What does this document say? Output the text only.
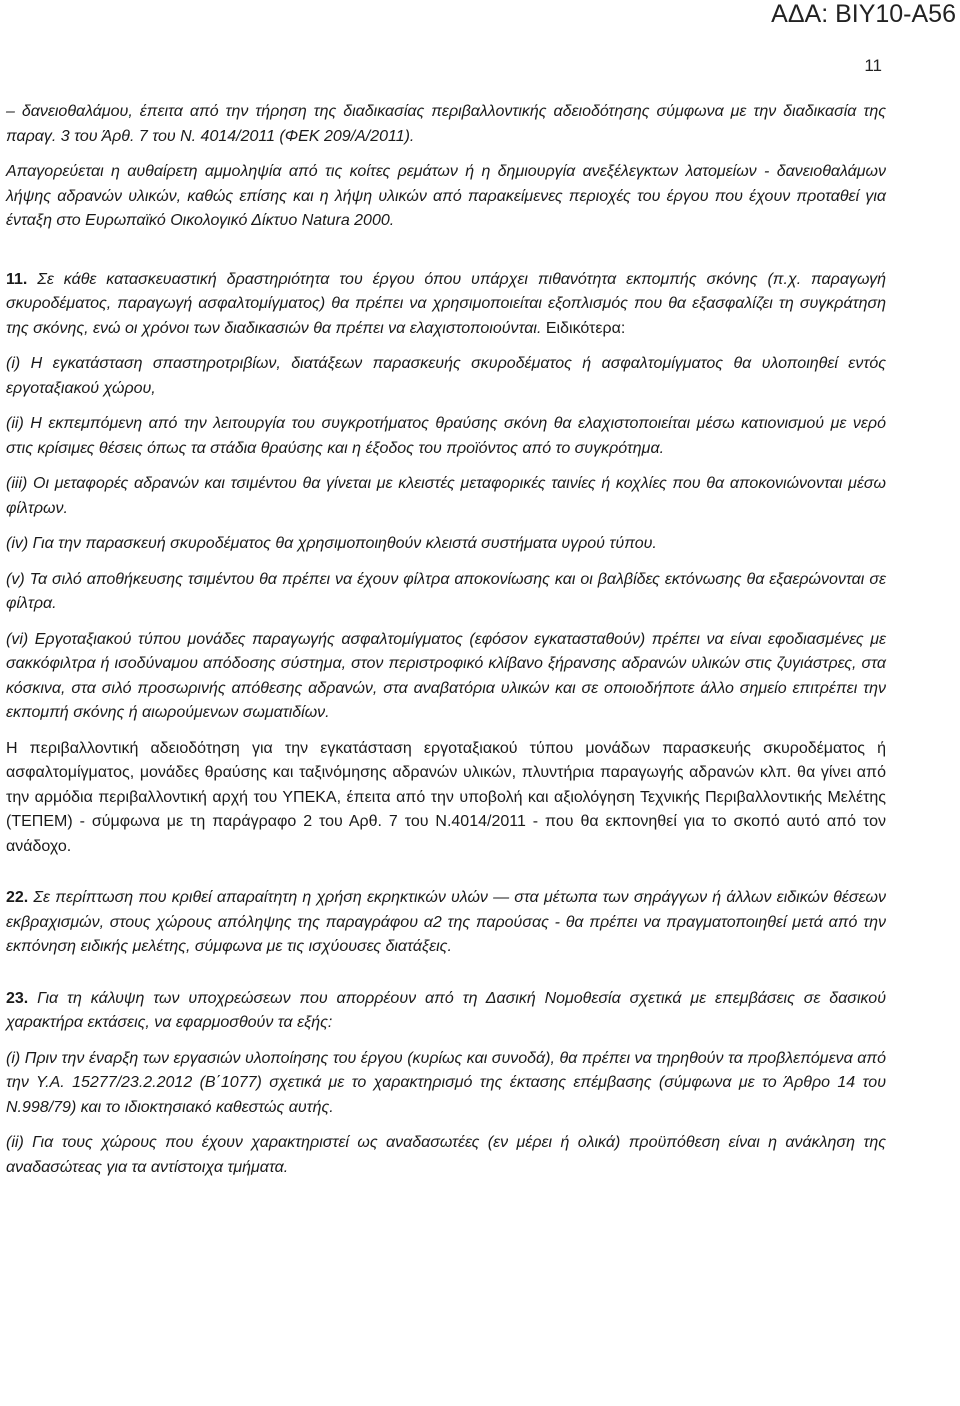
ΑΔΑ: ΒΙΥ10-Α56
11

– δανειοθαλάμου, έπειτα από την τήρηση της διαδικασίας περιβαλλοντικής αδειοδότησης σύμφωνα με την διαδικασία της παραγ. 3 του Άρθ. 7 του Ν. 4014/2011 (ΦΕΚ 209/Α/2011).

Απαγορεύεται η αυθαίρετη αμμοληψία από τις κοίτες ρεμάτων ή η δημιουργία ανεξέλεγκτων λατομείων - δανειοθαλάμων λήψης αδρανών υλικών, καθώς επίσης και η λήψη υλικών από παρακείμενες περιοχές του έργου που έχουν προταθεί για ένταξη στο Ευρωπαϊκό Οικολογικό Δίκτυο Natura 2000.

11. Σε κάθε κατασκευαστική δραστηριότητα του έργου όπου υπάρχει πιθανότητα εκπομπής σκόνης (π.χ. παραγωγή σκυροδέματος, παραγωγή ασφαλτομίγματος) θα πρέπει να χρησιμοποιείται εξοπλισμός που θα εξασφαλίζει τη συγκράτηση της σκόνης, ενώ οι χρόνοι των διαδικασιών θα πρέπει να ελαχιστοποιούνται. Ειδικότερα:

(i) Η εγκατάσταση σπαστηροτριβίων, διατάξεων παρασκευής σκυροδέματος ή ασφαλτομίγματος θα υλοποιηθεί εντός εργοταξιακού χώρου,

(ii) Η εκπεμπόμενη από την λειτουργία του συγκροτήματος θραύσης σκόνη θα ελαχιστοποιείται μέσω κατιονισμού με νερό στις κρίσιμες θέσεις όπως τα στάδια θραύσης και η έξοδος του προϊόντος από το συγκρότημα.

(iii) Οι μεταφορές αδρανών και τσιμέντου θα γίνεται με κλειστές μεταφορικές ταινίες ή κοχλίες που θα αποκονιώνονται μέσω φίλτρων.

(iv) Για την παρασκευή σκυροδέματος θα χρησιμοποιηθούν κλειστά συστήματα υγρού τύπου.

(v) Τα σιλό αποθήκευσης τσιμέντου θα πρέπει να έχουν φίλτρα αποκονίωσης και οι βαλβίδες εκτόνωσης θα εξαερώνονται σε φίλτρα.

(vi) Εργοταξιακού τύπου μονάδες παραγωγής ασφαλτομίγματος (εφόσον εγκατασταθούν) πρέπει να είναι εφοδιασμένες με σακκόφιλτρα ή ισοδύναμου απόδοσης σύστημα, στον περιστροφικό κλίβανο ξήρανσης αδρανών υλικών στις ζυγιάστρες, στα κόσκινα, στα σιλό προσωρινής απόθεσης αδρανών, στα αναβατόρια υλικών και σε οποιοδήποτε άλλο σημείο επιτρέπει την εκπομπή σκόνης ή αιωρούμενων σωματιδίων.

Η περιβαλλοντική αδειοδότηση για την εγκατάσταση εργοταξιακού τύπου μονάδων παρασκευής σκυροδέματος ή ασφαλτομίγματος, μονάδες θραύσης και ταξινόμησης αδρανών υλικών, πλυντήρια παραγωγής αδρανών κλπ. θα γίνει από την αρμόδια περιβαλλοντική αρχή του ΥΠΕΚΑ, έπειτα από την υποβολή και αξιολόγηση Τεχνικής Περιβαλλοντικής Μελέτης (ΤΕΠΕΜ) - σύμφωνα με τη παράγραφο 2 του Αρθ. 7 του Ν.4014/2011 - που θα εκπονηθεί για το σκοπό αυτό από τον ανάδοχο.

22. Σε περίπτωση που κριθεί απαραίτητη η χρήση εκρηκτικών υλών — στα μέτωπα των σηράγγων ή άλλων ειδικών θέσεων εκβραχισμών, στους χώρους απόληψης της παραγράφου α2 της παρούσας - θα πρέπει να πραγματοποιηθεί μετά από την εκπόνηση ειδικής μελέτης, σύμφωνα με τις ισχύουσες διατάξεις.

23. Για τη κάλυψη των υποχρεώσεων που απορρέουν από τη Δασική Νομοθεσία σχετικά με επεμβάσεις σε δασικού χαρακτήρα εκτάσεις, να εφαρμοσθούν τα εξής:

(i) Πριν την έναρξη των εργασιών υλοποίησης του έργου (κυρίως και συνοδά), θα πρέπει να τηρηθούν τα προβλεπόμενα από την Υ.Α. 15277/23.2.2012 (Β΄1077) σχετικά με το χαρακτηρισμό της έκτασης επέμβασης (σύμφωνα με το Άρθρο 14 του Ν.998/79) και το ιδιοκτησιακό καθεστώς αυτής.

(ii) Για τους χώρους που έχουν χαρακτηριστεί ως αναδασωτέες (εν μέρει ή ολικά) προϋπόθεση είναι η ανάκληση της αναδασώτεας για τα αντίστοιχα τμήματα.
